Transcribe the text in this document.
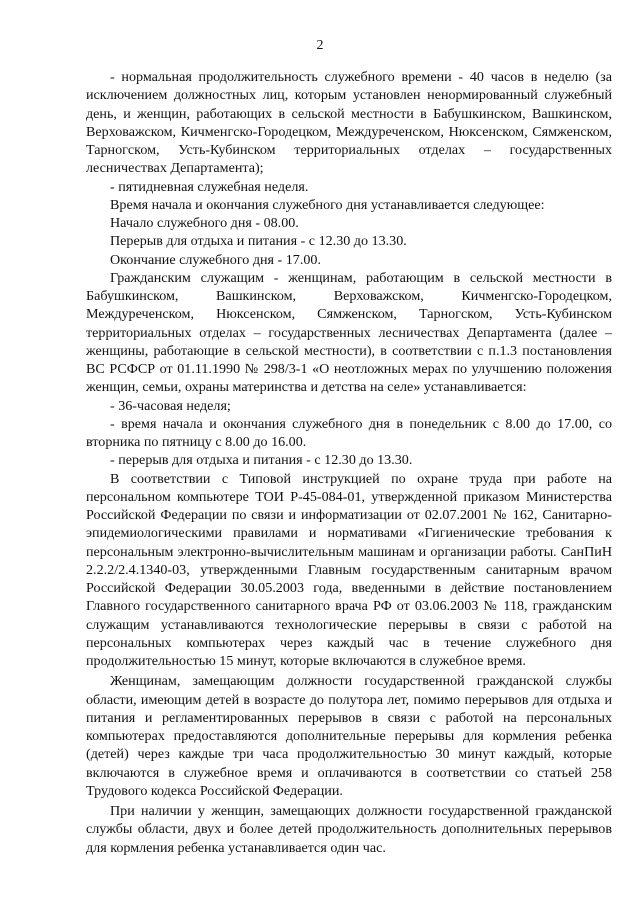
2

- нормальная продолжительность служебного времени - 40 часов в неделю (за исключением должностных лиц, которым установлен ненормированный служебный день, и женщин, работающих в сельской местности в Бабушкинском, Вашкинском, Верховажском, Кичменгско-Городецком, Междуреченском, Нюксенском, Сямженском, Тарногском, Усть-Кубинском территориальных отделах – государственных лесничествах Департамента);

- пятидневная служебная неделя.

Время начала и окончания служебного дня устанавливается следующее:

Начало служебного дня - 08.00.

Перерыв для отдыха и питания - с 12.30 до 13.30.

Окончание служебного дня - 17.00.

Гражданским служащим - женщинам, работающим в сельской местности в Бабушкинском, Вашкинском, Верховажском, Кичменгско-Городецком, Междуреченском, Нюксенском, Сямженском, Тарногском, Усть-Кубинском территориальных отделах – государственных лесничествах Департамента (далее – женщины, работающие в сельской местности), в соответствии с п.1.3 постановления ВС РСФСР от 01.11.1990 № 298/3-1 «О неотложных мерах по улучшению положения женщин, семьи, охраны материнства и детства на селе» устанавливается:

- 36-часовая неделя;

- время начала и окончания служебного дня в понедельник с 8.00 до 17.00, со вторника по пятницу с 8.00 до 16.00.

- перерыв для отдыха и питания - с 12.30 до 13.30.

В соответствии с Типовой инструкцией по охране труда при работе на персональном компьютере ТОИ Р-45-084-01, утвержденной приказом Министерства Российской Федерации по связи и информатизации от 02.07.2001 № 162, Санитарно-эпидемиологическими правилами и нормативами «Гигиенические требования к персональным электронно-вычислительным машинам и организации работы. СанПиН 2.2.2/2.4.1340-03, утвержденными Главным государственным санитарным врачом Российской Федерации 30.05.2003 года, введенными в действие постановлением Главного государственного санитарного врача РФ от 03.06.2003 № 118, гражданским служащим устанавливаются технологические перерывы в связи с работой на персональных компьютерах через каждый час в течение служебного дня продолжительностью 15 минут, которые включаются в служебное время.

Женщинам, замещающим должности государственной гражданской службы области, имеющим детей в возрасте до полутора лет, помимо перерывов для отдыха и питания и регламентированных перерывов в связи с работой на персональных компьютерах предоставляются дополнительные перерывы для кормления ребенка (детей) через каждые три часа продолжительностью 30 минут каждый, которые включаются в служебное время и оплачиваются в соответствии со статьей 258 Трудового кодекса Российской Федерации.

При наличии у женщин, замещающих должности государственной гражданской службы области, двух и более детей продолжительность дополнительных перерывов для кормления ребенка устанавливается один час.
